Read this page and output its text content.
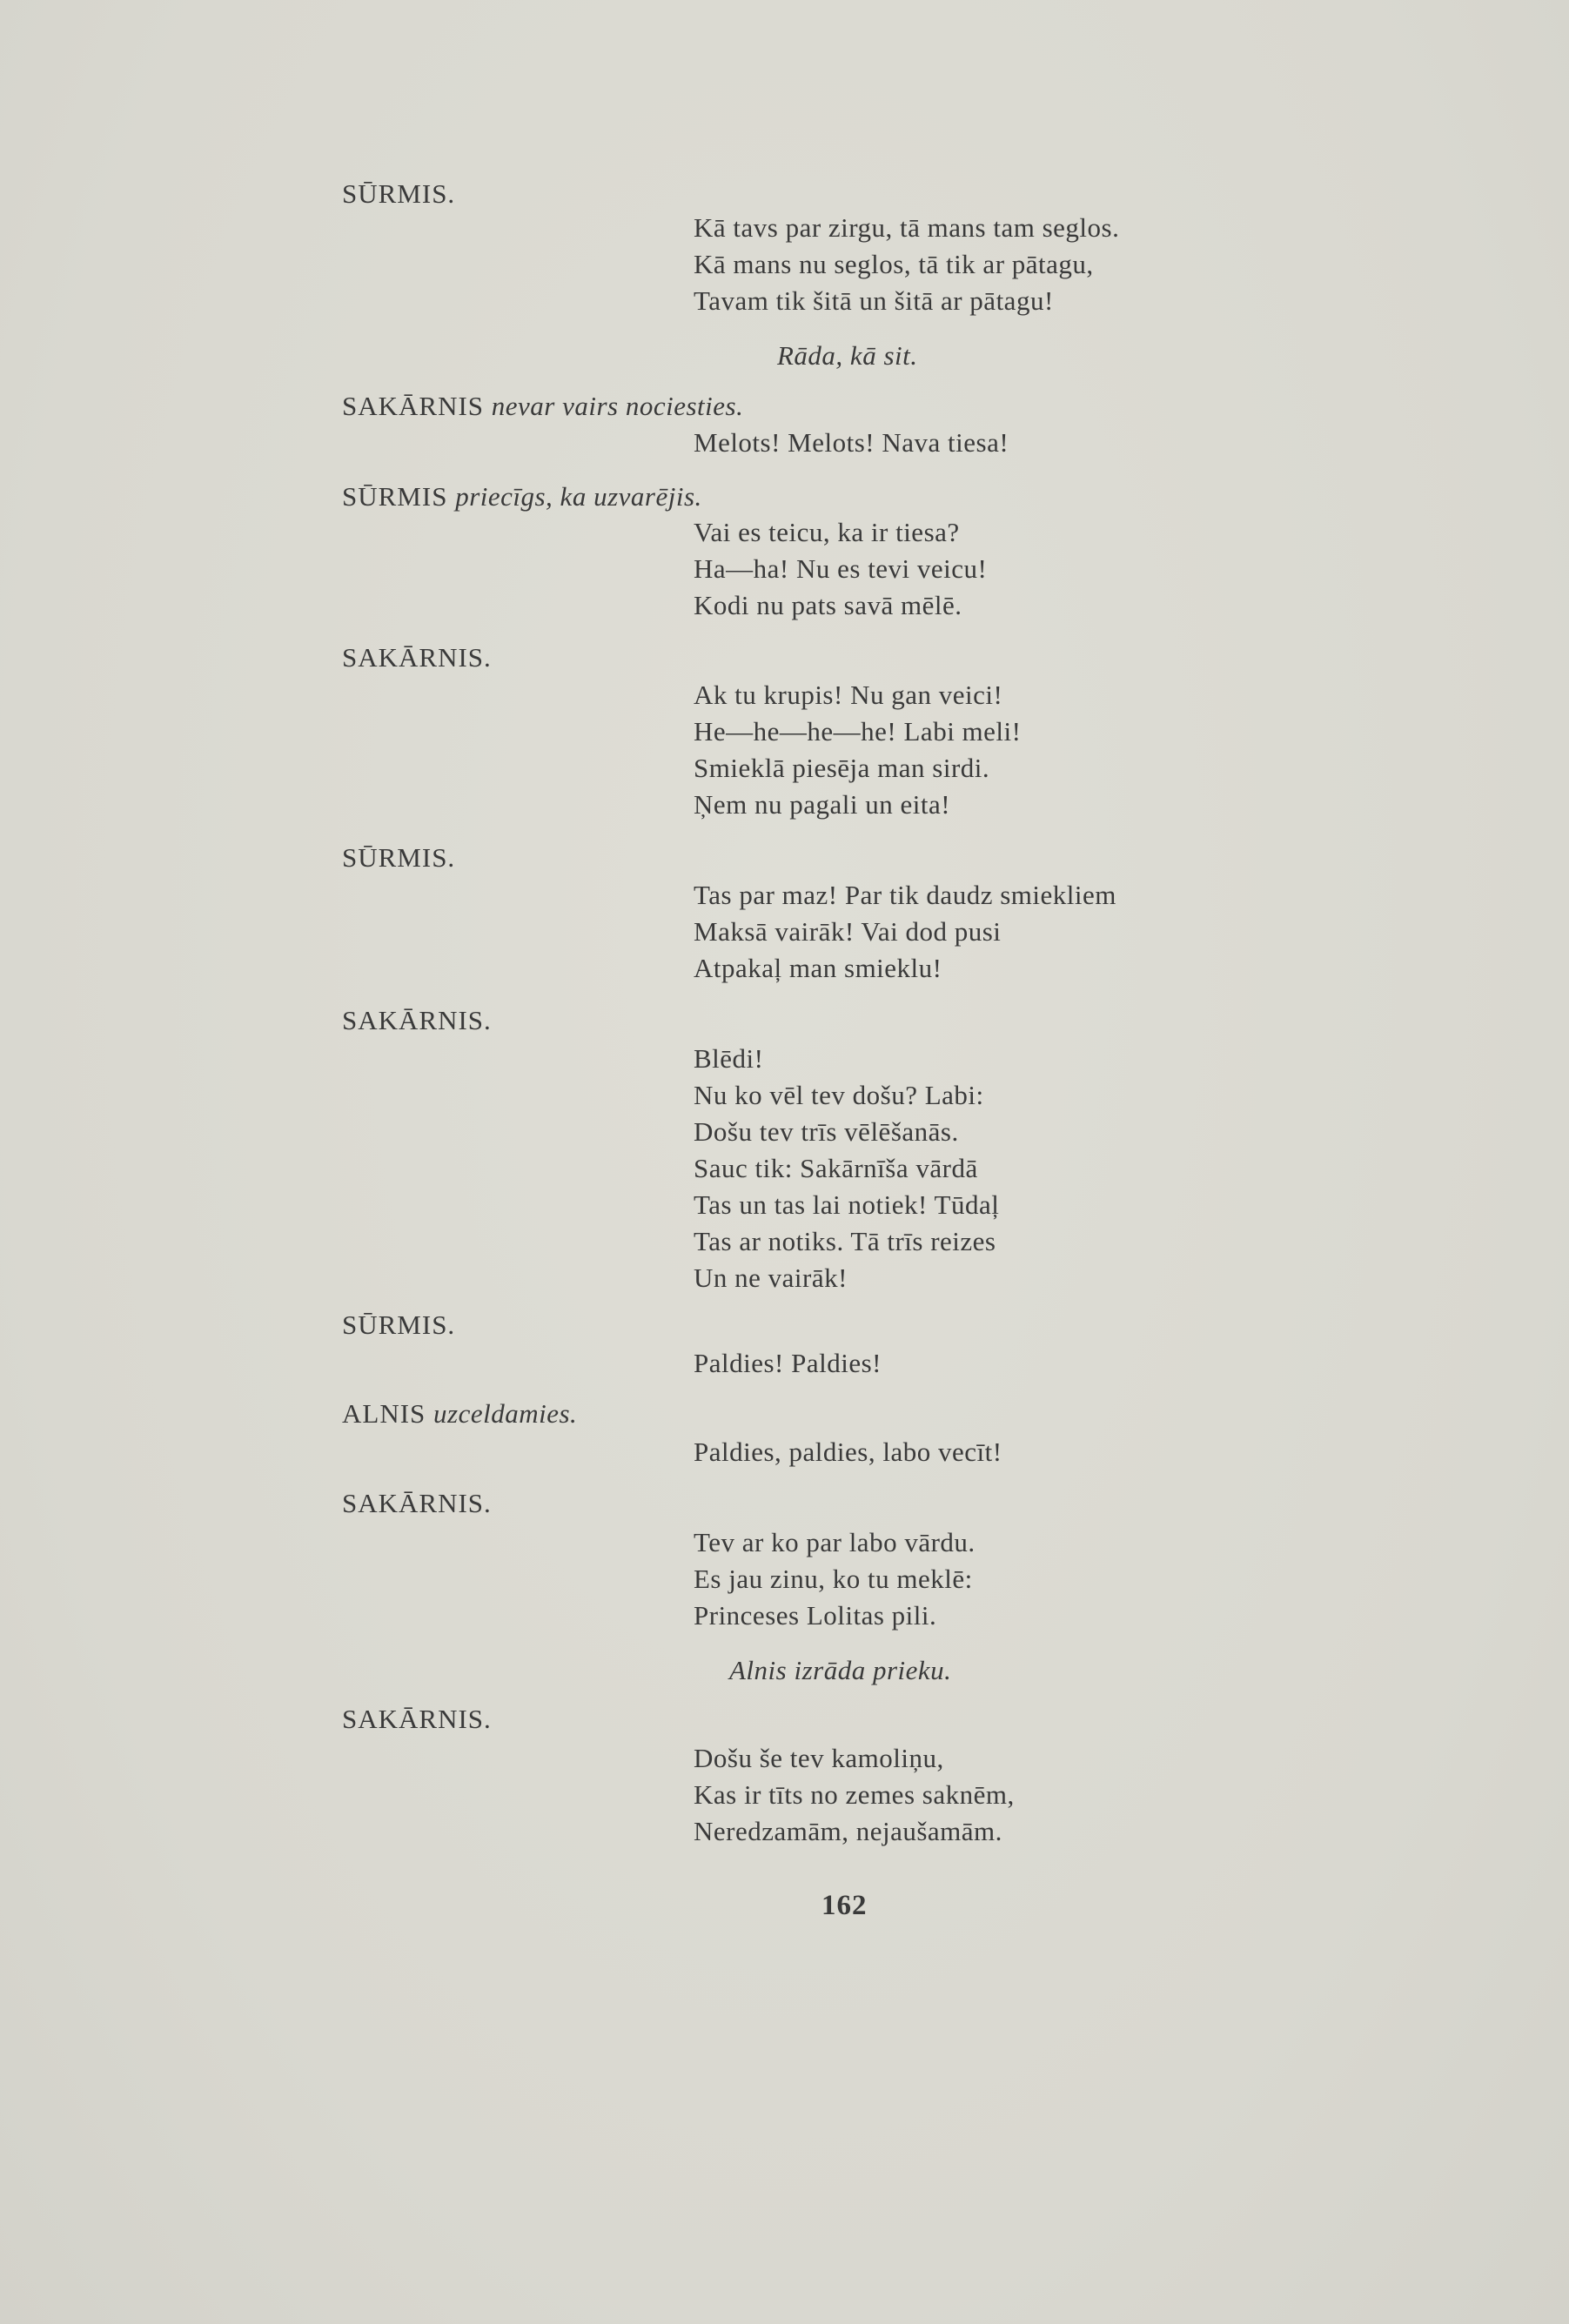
SŪRMIS.
Kā tavs par zirgu, tā mans tam seglos.
Kā mans nu seglos, tā tik ar pātagu,
Tavam tik šitā un šitā ar pātagu!
Rāda, kā sit.
SAKĀRNIS nevar vairs nociesties.
Melots! Melots! Nava tiesa!
SŪRMIS priecīgs, ka uzvarējis.
Vai es teicu, ka ir tiesa?
Ha—ha! Nu es tevi veicu!
Kodi nu pats savā mēlē.
SAKĀRNIS.
Ak tu krupis! Nu gan veici!
He—he—he—he! Labi meli!
Smieklā piesēja man sirdi.
Ņem nu pagali un eita!
SŪRMIS.
Tas par maz! Par tik daudz smiekliem
Maksā vairāk! Vai dod pusi
Atpakaļ man smieklu!
SAKĀRNIS.
Blēdi!
Nu ko vēl tev došu? Labi:
Došu tev trīs vēlēšanās.
Sauc tik: Sakārnīša vārdā
Tas un tas lai notiek! Tūdaļ
Tas ar notiks. Tā trīs reizes
Un ne vairāk!
SŪRMIS.
Paldies! Paldies!
ALNIS uzceldamies.
Paldies, paldies, labo vecīt!
SAKĀRNIS.
Tev ar ko par labo vārdu.
Es jau zinu, ko tu meklē:
Princeses Lolitas pili.
Alnis izrāda prieku.
SAKĀRNIS.
Došu še tev kamoliņu,
Kas ir tīts no zemes saknēm,
Neredzamām, nejaušamām.
162
